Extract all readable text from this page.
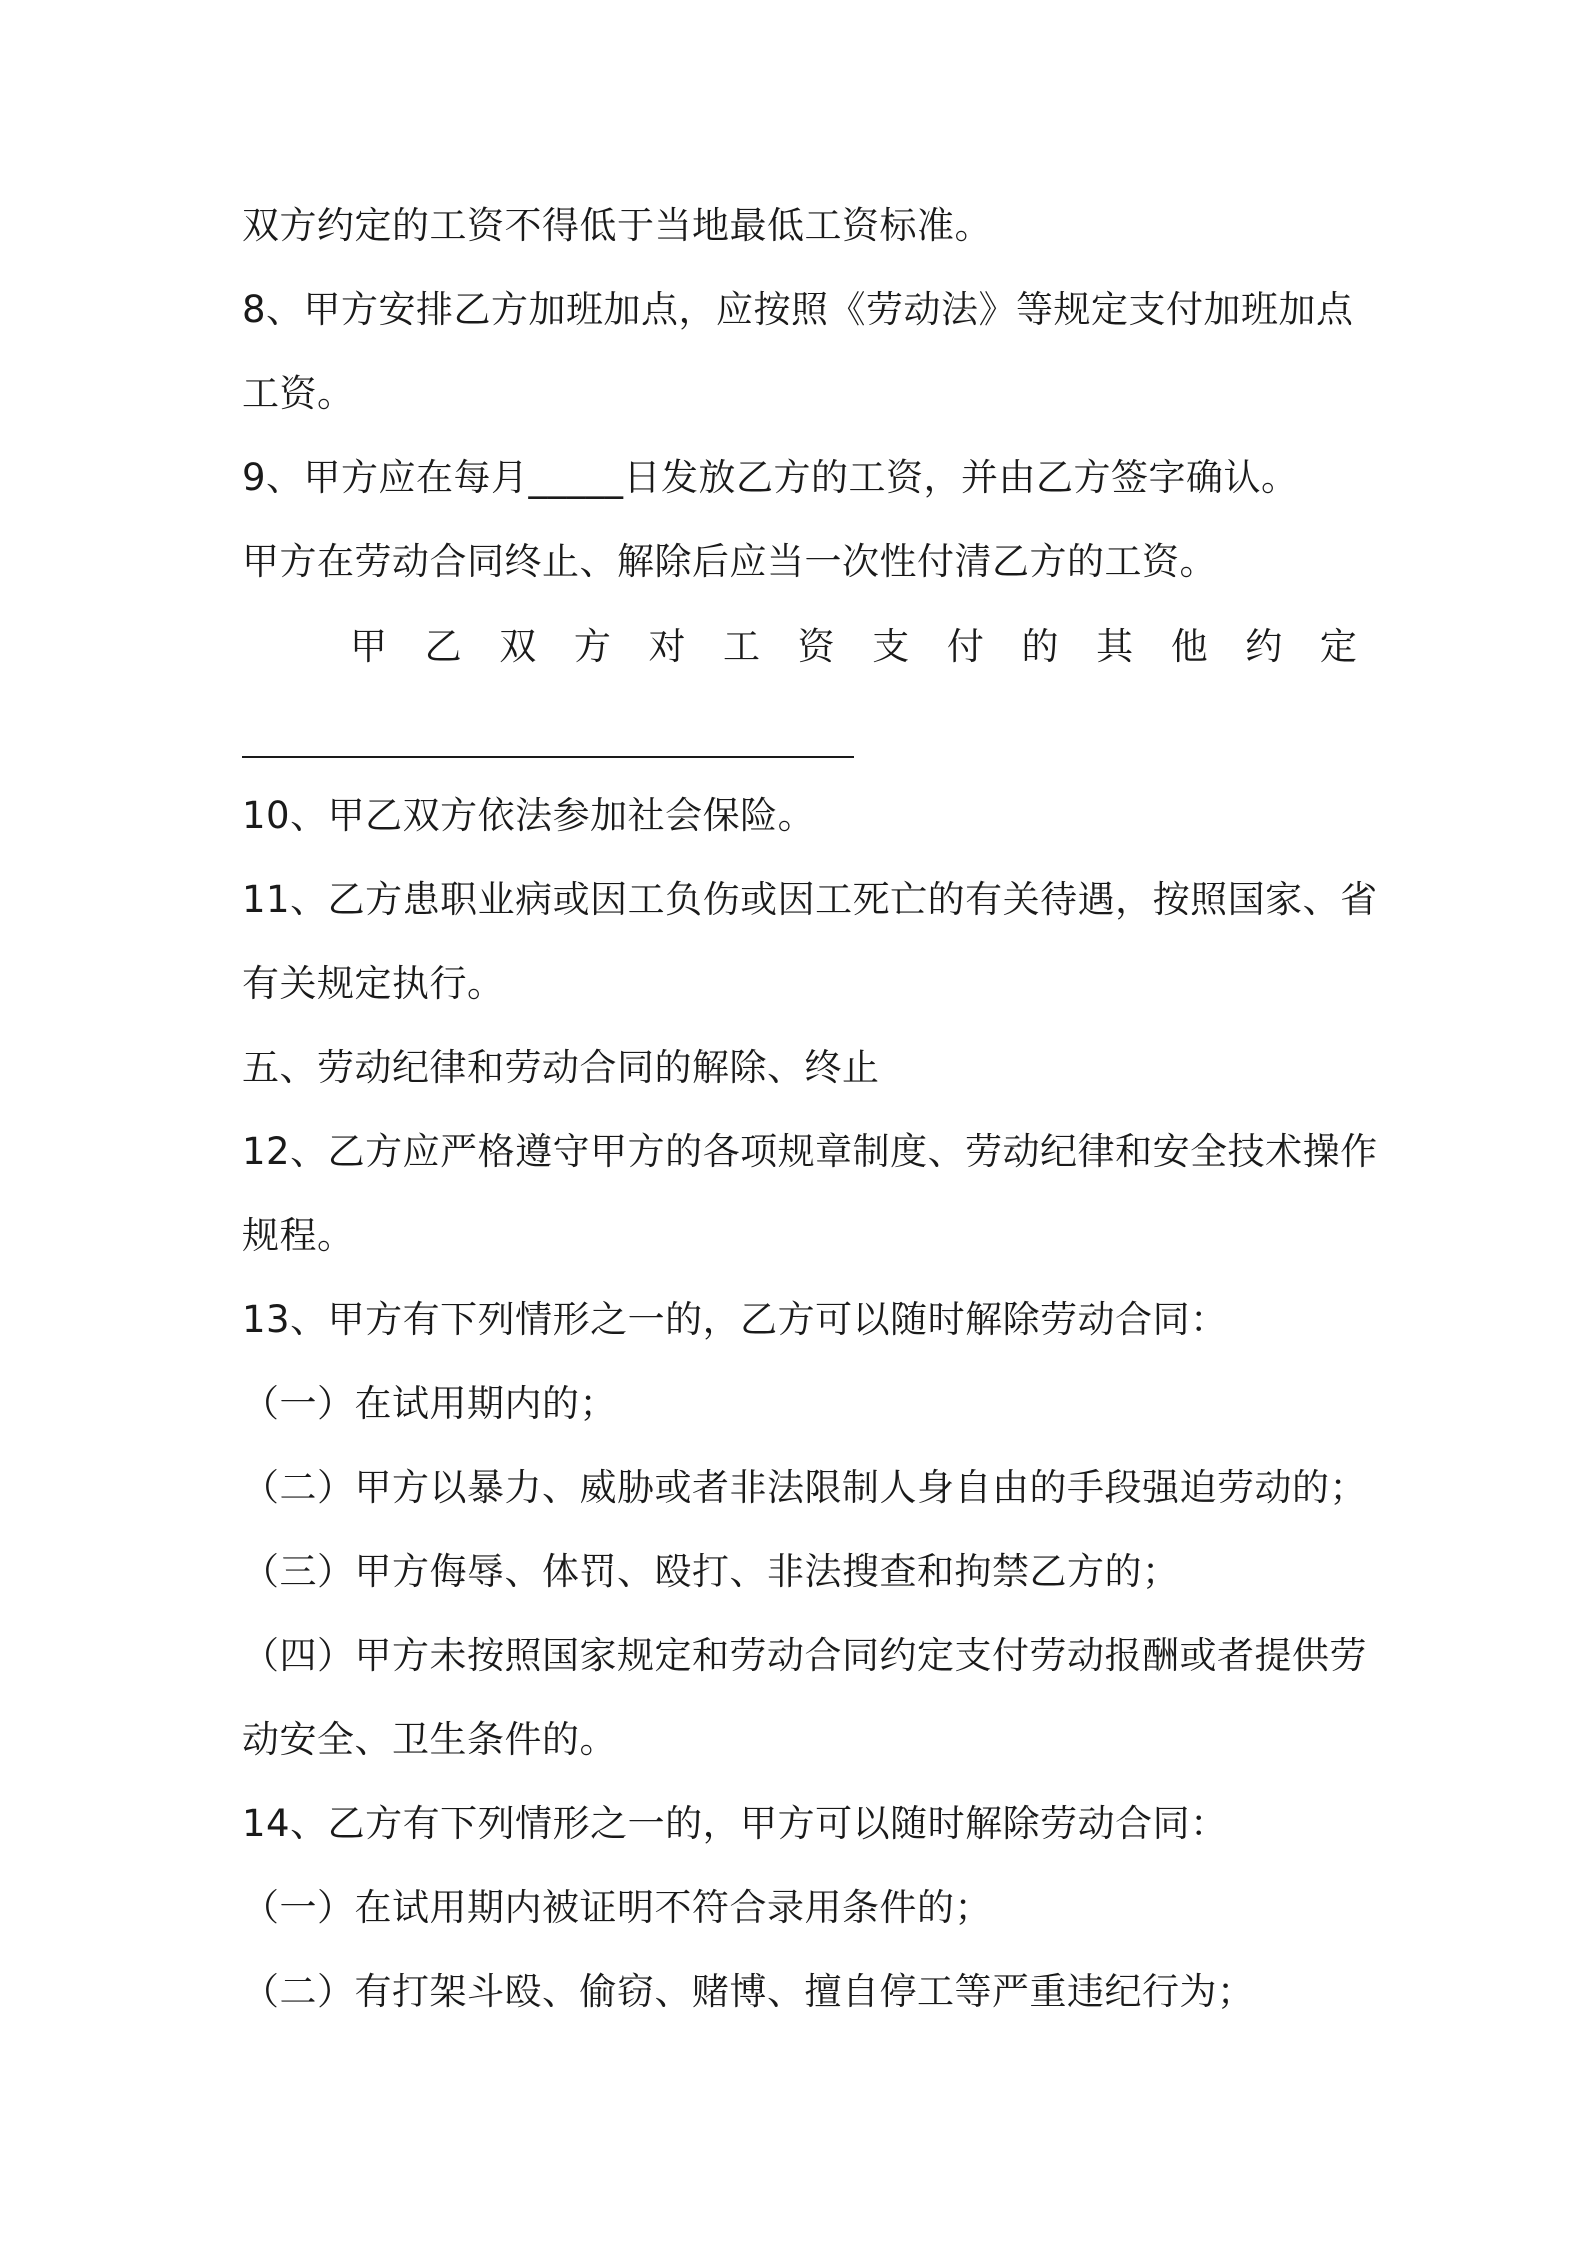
双方约定的工资不得低于当地最低工资标准。
8、甲方安排乙方加班加点，应按照《劳动法》等规定支付加班加点
工资。
9、甲方应在每月_____日发放乙方的工资，并由乙方签字确认。
甲方在劳动合同终止、解除后应当一次性付清乙方的工资。
甲 乙 双 方 对 工 资 支 付 的 其 他 约 定
10、甲乙双方依法参加社会保险。
11、乙方患职业病或因工负伤或因工死亡的有关待遇，按照国家、省
有关规定执行。
五、劳动纪律和劳动合同的解除、终止
12、乙方应严格遵守甲方的各项规章制度、劳动纪律和安全技术操作
规程。
13、甲方有下列情形之一的，乙方可以随时解除劳动合同：
（一）在试用期内的；
（二）甲方以暴力、威胁或者非法限制人身自由的手段强迫劳动的；
（三）甲方侮辱、体罚、殴打、非法搜查和拘禁乙方的；
（四）甲方未按照国家规定和劳动合同约定支付劳动报酬或者提供劳
动安全、卫生条件的。
14、乙方有下列情形之一的，甲方可以随时解除劳动合同：
（一）在试用期内被证明不符合录用条件的；
（二）有打架斗殴、偷窃、赌博、擅自停工等严重违纪行为；
